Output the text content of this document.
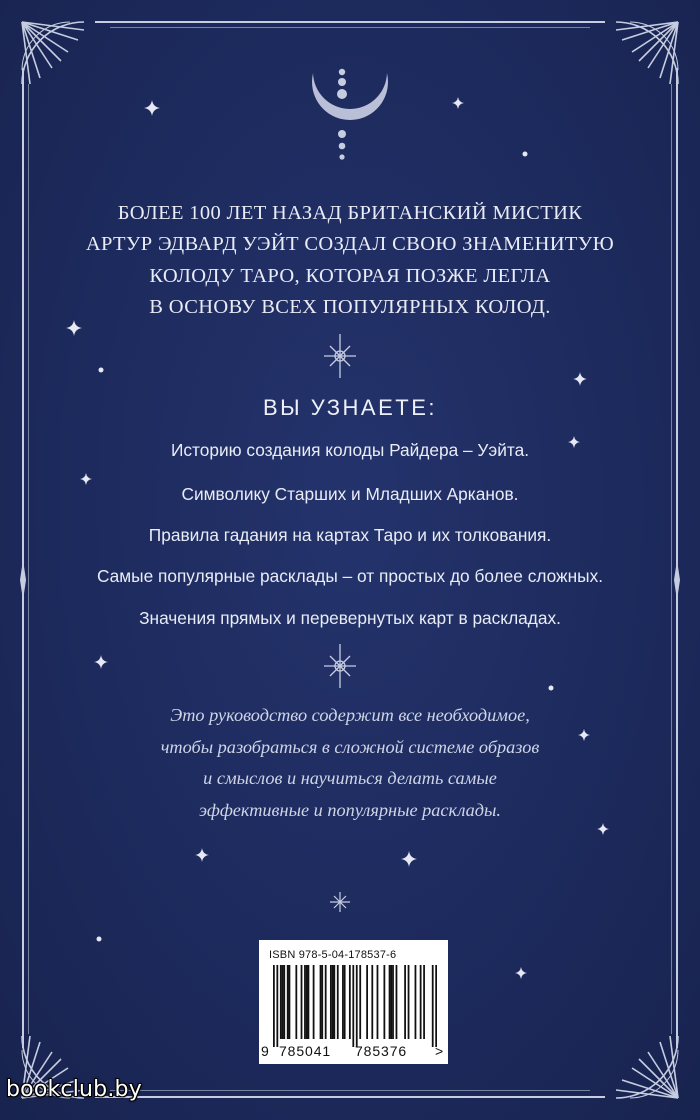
БОЛЕЕ 100 ЛЕТ НАЗАД БРИТАНСКИЙ МИСТИК
АРТУР ЭДВАРД УЭЙТ СОЗДАЛ СВОЮ ЗНАМЕНИТУЮ
КОЛОДУ ТАРО, КОТОРАЯ ПОЗЖЕ ЛЕГЛА
В ОСНОВУ ВСЕХ ПОПУЛЯРНЫХ КОЛОД.
ВЫ УЗНАЕТЕ:
Историю создания колоды Райдера – Уэйта.
Символику Старших и Младших Арканов.
Правила гадания на картах Таро и их толкования.
Самые популярные расклады – от простых до более сложных.
Значения прямых и перевернутых карт в раскладах.
Это руководство содержит все необходимое,
чтобы разобраться в сложной системе образов
и смыслов и научиться делать самые
эффективные и популярные расклады.
ISBN 978-5-04-178537-6
9 785041 785376 >
bookclub.by
